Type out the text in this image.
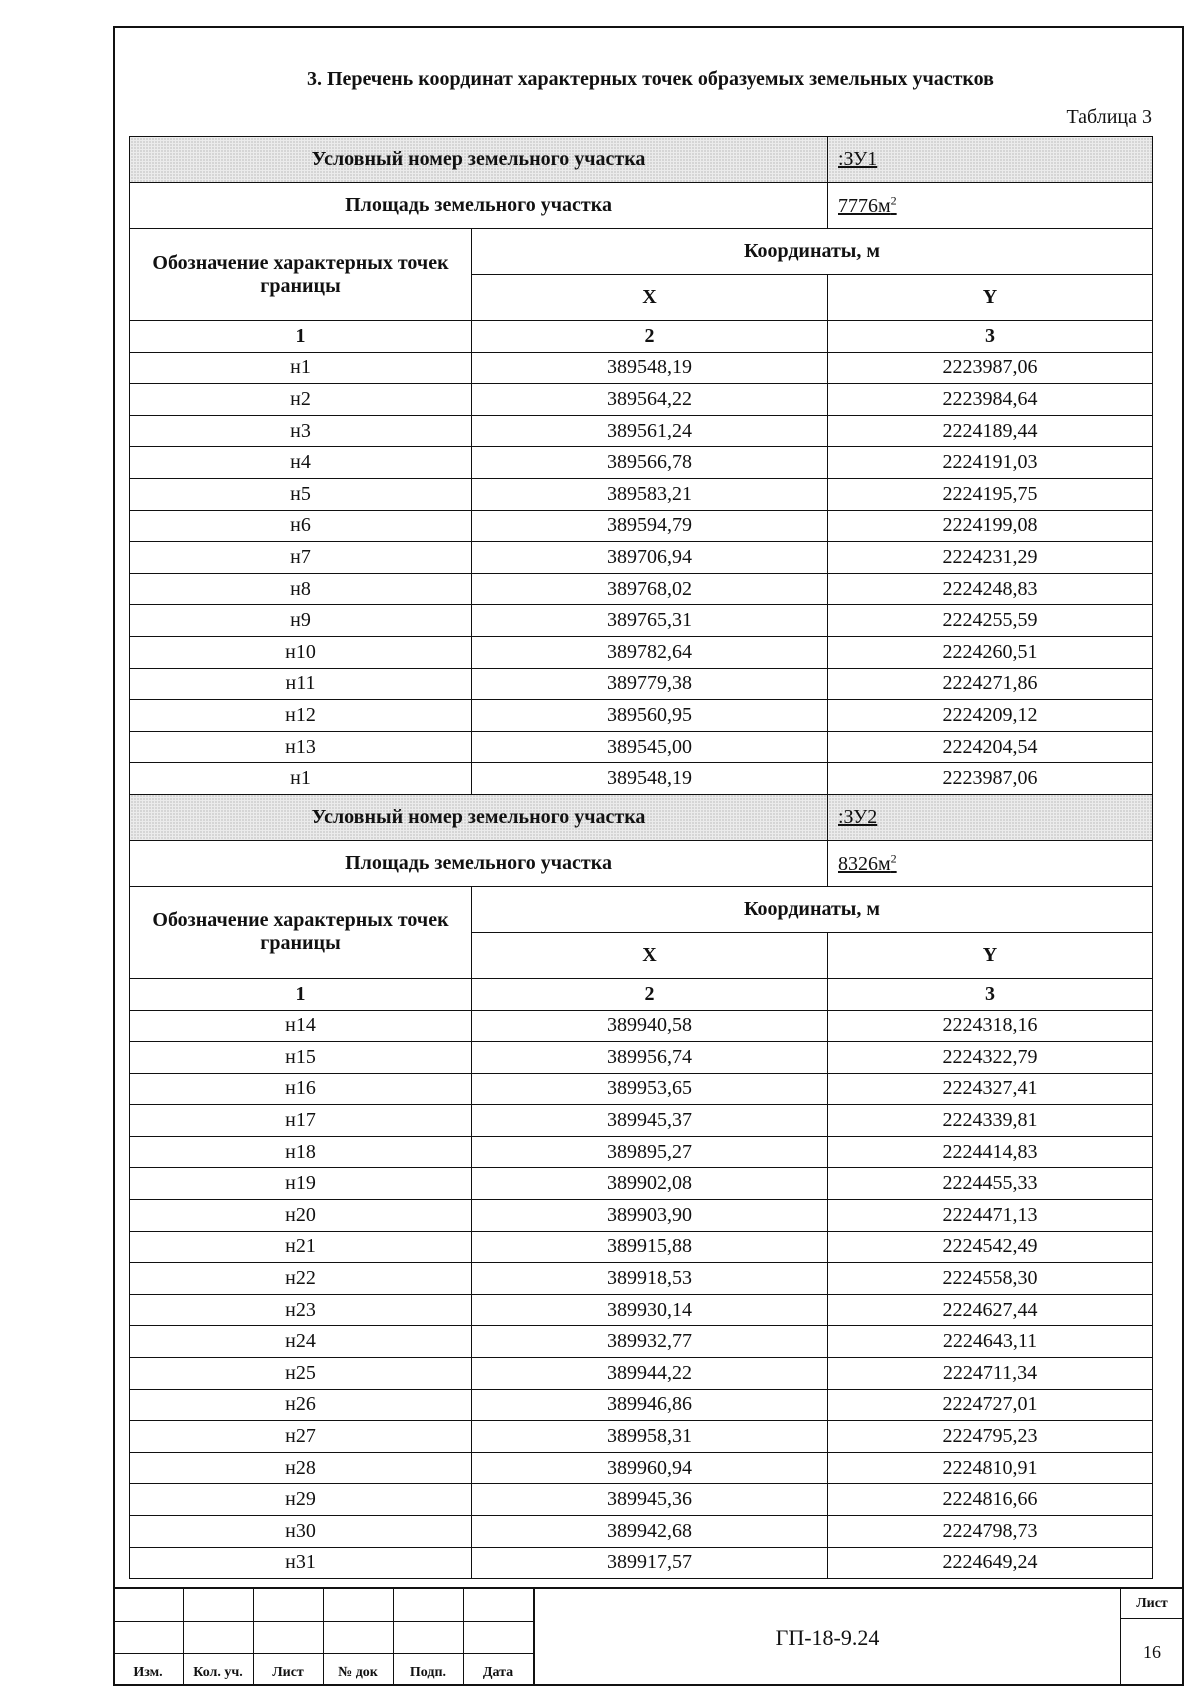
3. Перечень координат характерных точек образуемых земельных участков
Таблица 3
Условный номер земельного участка		:ЗУ1
Площадь земельного участка		$7776м^2$
Обозначение характерных точек границы	Координаты, м	
	X	Y
1	2	3
н1	389548,19	2223987,06
н2	389564,22	2223984,64
н3	389561,24	2224189,44
н4	389566,78	2224191,03
н5	389583,21	2224195,75
н6	389594,79	2224199,08
н7	389706,94	2224231,29
н8	389768,02	2224248,83
н9	389765,31	2224255,59
н10	389782,64	2224260,51
н11	389779,38	2224271,86
н12	389560,95	2224209,12
н13	389545,00	2224204,54
н1	389548,19	2223987,06
Условный номер земельного участка		:ЗУ2
Площадь земельного участка		$8326м^2$
Обозначение характерных точек границы	Координаты, м	
	X	Y
1	2	3
н14	389940,58	2224318,16
н15	389956,74	2224322,79
н16	389953,65	2224327,41
н17	389945,37	2224339,81
н18	389895,27	2224414,83
н19	389902,08	2224455,33
н20	389903,90	2224471,13
н21	389915,88	2224542,49
н22	389918,53	2224558,30
н23	389930,14	2224627,44
н24	389932,77	2224643,11
н25	389944,22	2224711,34
н26	389946,86	2224727,01
н27	389958,31	2224795,23
н28	389960,94	2224810,91
н29	389945,36	2224816,66
н30	389942,68	2224798,73
н31	389917,57	2224649,24
Изм.	Кол. уч.	Лист	№ док	Подп.	Дата
ГП-18-9.24
Лист
16
